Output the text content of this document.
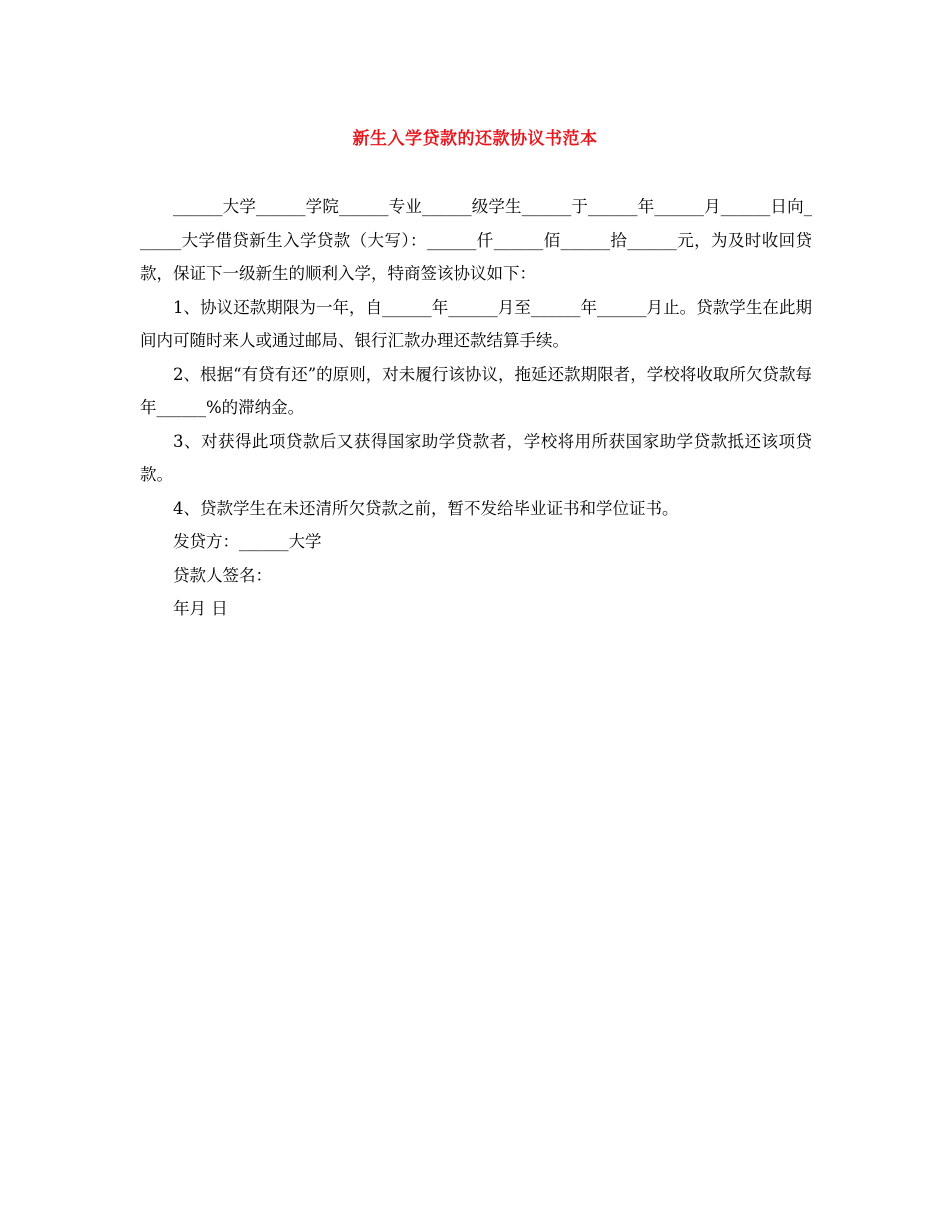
新生入学贷款的还款协议书范本

______大学______学院______专业______级学生______于______年______月______日向______大学借贷新生入学贷款（大写）：______仟______佰______拾______元，为及时收回贷款，保证下一级新生的顺利入学，特商签该协议如下：

1、协议还款期限为一年，自______年______月至______年______月止。贷款学生在此期间内可随时来人或通过邮局、银行汇款办理还款结算手续。

2、根据“有贷有还”的原则，对未履行该协议，拖延还款期限者，学校将收取所欠贷款每年______%的滞纳金。

3、对获得此项贷款后又获得国家助学贷款者，学校将用所获国家助学贷款抵还该项贷款。

4、贷款学生在未还清所欠贷款之前，暂不发给毕业证书和学位证书。

发贷方：______大学

贷款人签名：

年月 日
